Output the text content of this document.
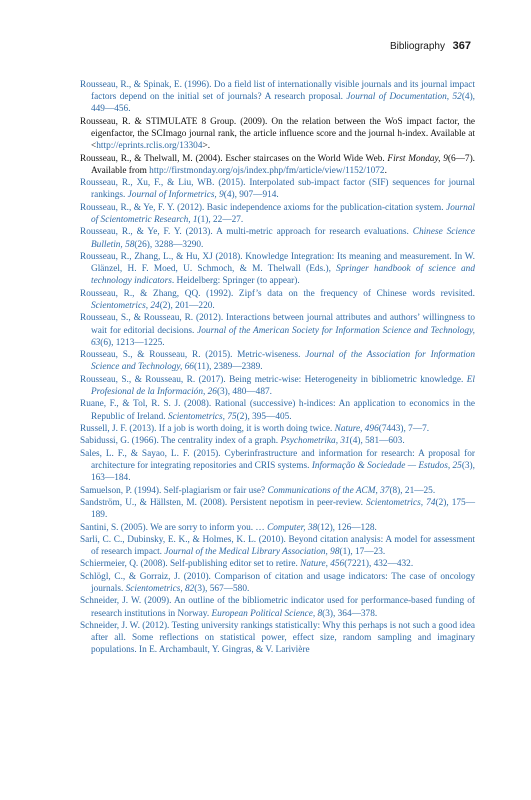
Bibliography 367

Rousseau, R., & Spinak, E. (1996). Do a field list of internationally visible journals and its journal impact factors depend on the initial set of journals? A research proposal. Journal of Documentation, 52(4), 449—456.

Rousseau, R. & STIMULATE 8 Group. (2009). On the relation between the WoS impact factor, the eigenfactor, the SCImago journal rank, the article influence score and the journal h-index. Available at <http://eprints.rclis.org/13304>.

Rousseau, R., & Thelwall, M. (2004). Escher staircases on the World Wide Web. First Monday, 9(6—7). Available from http://firstmonday.org/ojs/index.php/fm/article/view/1152/1072.

Rousseau, R., Xu, F., & Liu, WB. (2015). Interpolated sub-impact factor (SIF) sequences for journal rankings. Journal of Informetrics, 9(4), 907—914.

Rousseau, R., & Ye, F. Y. (2012). Basic independence axioms for the publication-citation system. Journal of Scientometric Research, 1(1), 22—27.

Rousseau, R., & Ye, F. Y. (2013). A multi-metric approach for research evaluations. Chinese Science Bulletin, 58(26), 3288—3290.

Rousseau, R., Zhang, L., & Hu, XJ (2018). Knowledge Integration: Its meaning and measurement. In W. Glänzel, H. F. Moed, U. Schmoch, & M. Thelwall (Eds.), Springer handbook of science and technology indicators. Heidelberg: Springer (to appear).

Rousseau, R., & Zhang, QQ. (1992). Zipf’s data on the frequency of Chinese words revisited. Scientometrics, 24(2), 201—220.

Rousseau, S., & Rousseau, R. (2012). Interactions between journal attributes and authors’ willingness to wait for editorial decisions. Journal of the American Society for Information Science and Technology, 63(6), 1213—1225.

Rousseau, S., & Rousseau, R. (2015). Metric-wiseness. Journal of the Association for Information Science and Technology, 66(11), 2389—2389.

Rousseau, S., & Rousseau, R. (2017). Being metric-wise: Heterogeneity in bibliometric knowledge. El Profesional de la Información, 26(3), 480—487.

Ruane, F., & Tol, R. S. J. (2008). Rational (successive) h-indices: An application to economics in the Republic of Ireland. Scientometrics, 75(2), 395—405.

Russell, J. F. (2013). If a job is worth doing, it is worth doing twice. Nature, 496(7443), 7—7.

Sabidussi, G. (1966). The centrality index of a graph. Psychometrika, 31(4), 581—603.

Sales, L. F., & Sayao, L. F. (2015). Cyberinfrastructure and information for research: A proposal for architecture for integrating repositories and CRIS systems. Informação & Sociedade — Estudos, 25(3), 163—184.

Samuelson, P. (1994). Self-plagiarism or fair use? Communications of the ACM, 37(8), 21—25.

Sandström, U., & Hällsten, M. (2008). Persistent nepotism in peer-review. Scientometrics, 74(2), 175—189.

Santini, S. (2005). We are sorry to inform you. … Computer, 38(12), 126—128.

Sarli, C. C., Dubinsky, E. K., & Holmes, K. L. (2010). Beyond citation analysis: A model for assessment of research impact. Journal of the Medical Library Association, 98(1), 17—23.

Schiermeier, Q. (2008). Self-publishing editor set to retire. Nature, 456(7221), 432—432.

Schlögl, C., & Gorraiz, J. (2010). Comparison of citation and usage indicators: The case of oncology journals. Scientometrics, 82(3), 567—580.

Schneider, J. W. (2009). An outline of the bibliometric indicator used for performance-based funding of research institutions in Norway. European Political Science, 8(3), 364—378.

Schneider, J. W. (2012). Testing university rankings statistically: Why this perhaps is not such a good idea after all. Some reflections on statistical power, effect size, random sampling and imaginary populations. In E. Archambault, Y. Gingras, & V. Larivière
